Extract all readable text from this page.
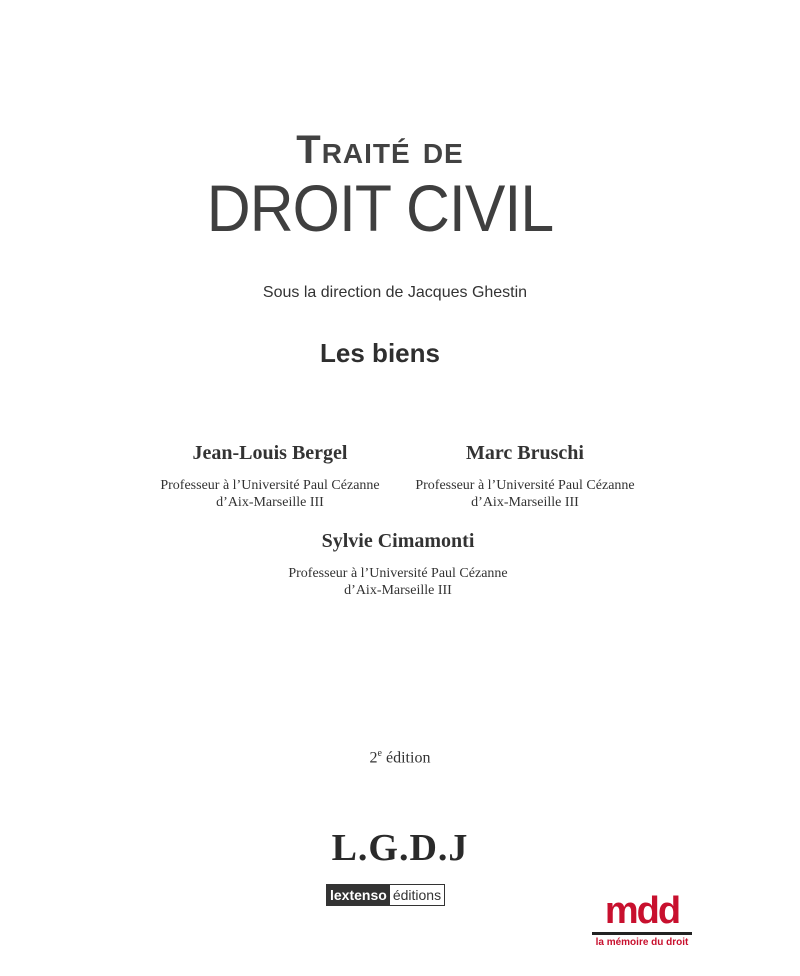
Traité de
DROIT CIVIL
Sous la direction de Jacques Ghestin
Les biens
Jean-Louis Bergel
Professeur à l’Université Paul Cézanne
d’Aix-Marseille III
Marc Bruschi
Professeur à l’Université Paul Cézanne
d’Aix-Marseille III
Sylvie Cimamonti
Professeur à l’Université Paul Cézanne
d’Aix-Marseille III
2e édition
L.G.D.J
lextenso éditions	mdd
la mémoire du droit
